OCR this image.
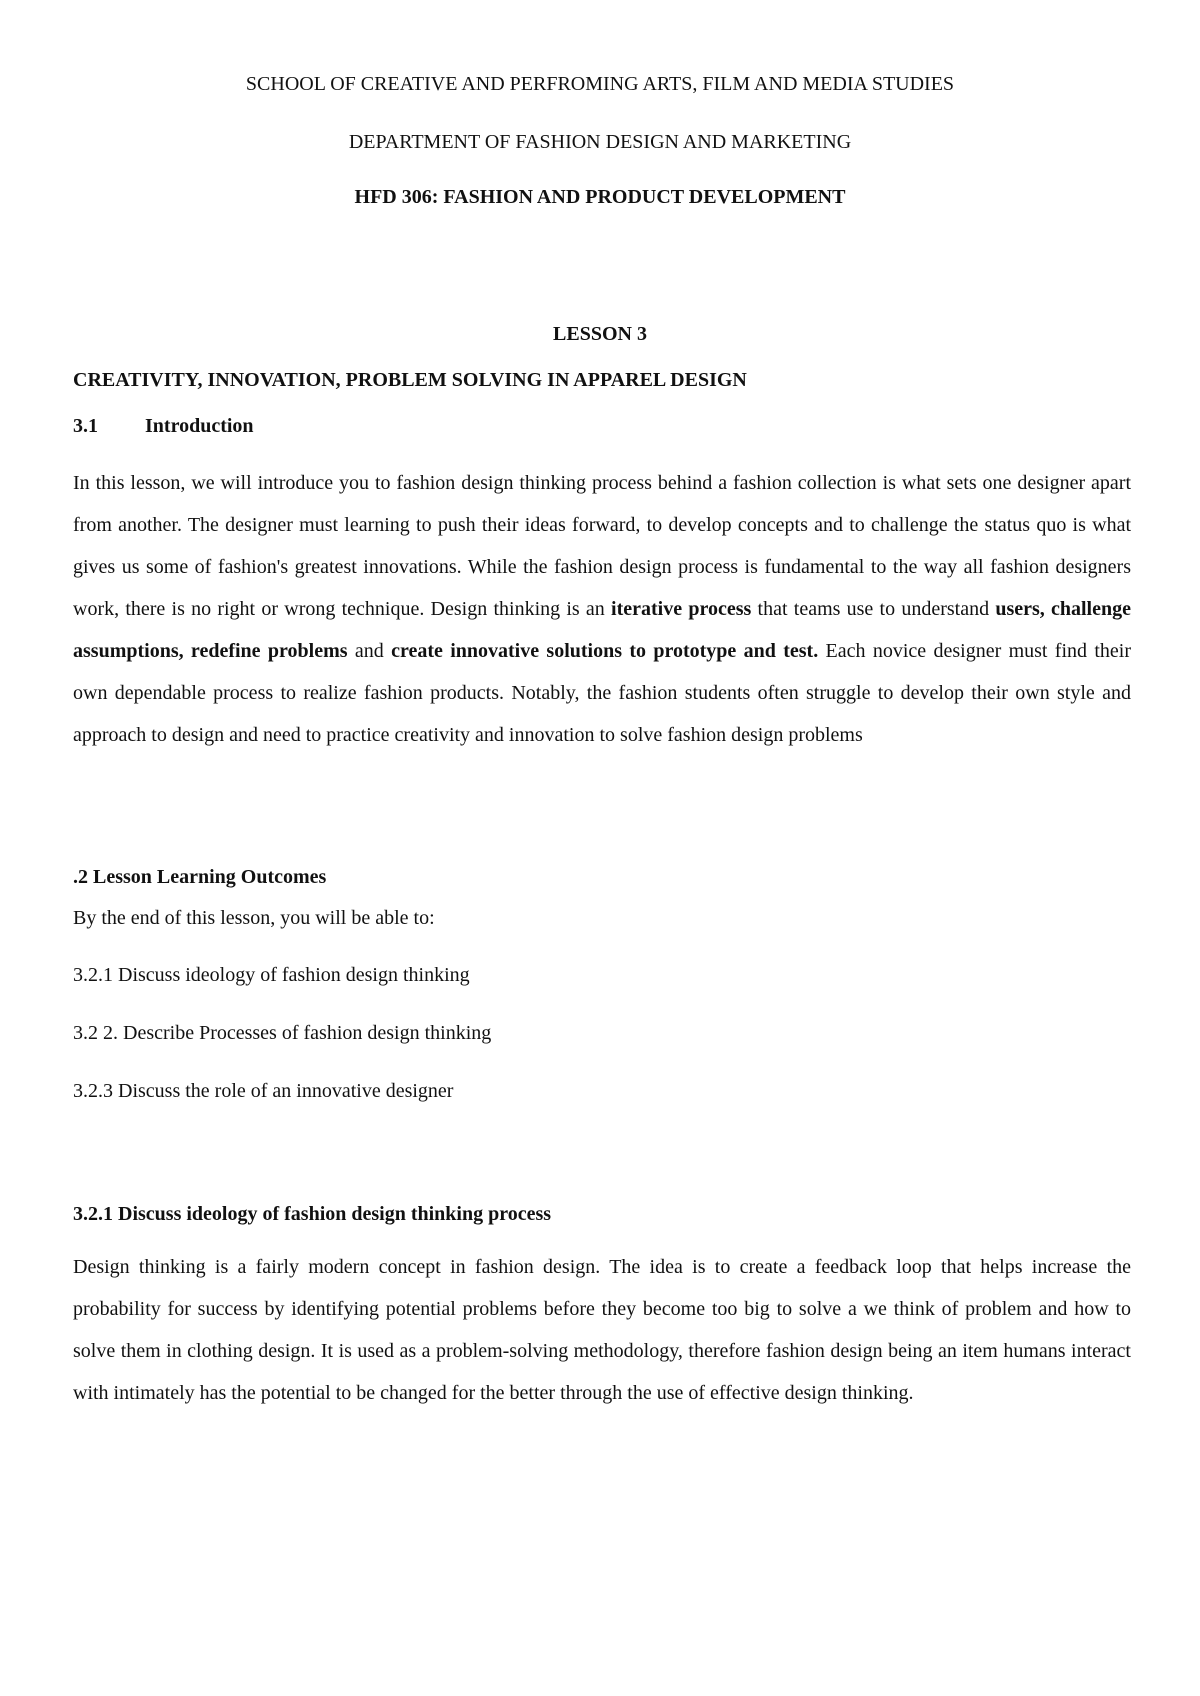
SCHOOL OF CREATIVE AND PERFROMING ARTS, FILM AND MEDIA STUDIES
DEPARTMENT OF FASHION DESIGN AND MARKETING
HFD 306: FASHION AND PRODUCT DEVELOPMENT
LESSON 3
CREATIVITY, INNOVATION, PROBLEM SOLVING IN APPAREL DESIGN
3.1 Introduction

In this lesson, we will introduce you to fashion design thinking process behind a fashion collection is what sets one designer apart from another. The designer must learning to push their ideas forward, to develop concepts and to challenge the status quo is what gives us some of fashion's greatest innovations. While the fashion design process is fundamental to the way all fashion designers work, there is no right or wrong technique. Design thinking is an iterative process that teams use to understand users, challenge assumptions, redefine problems and create innovative solutions to prototype and test. Each novice designer must find their own dependable process to realize fashion products. Notably, the fashion students often struggle to develop their own style and approach to design and need to practice creativity and innovation to solve fashion design problems

.2 Lesson Learning Outcomes
By the end of this lesson, you will be able to:
3.2.1 Discuss ideology of fashion design thinking
3.2 2. Describe Processes of fashion design thinking
3.2.3 Discuss the role of an innovative designer
3.2.1 Discuss ideology of fashion design thinking process

Design thinking is a fairly modern concept in fashion design. The idea is to create a feedback loop that helps increase the probability for success by identifying potential problems before they become too big to solve a we think of problem and how to solve them in clothing design. It is used as a problem-solving methodology, therefore fashion design being an item humans interact with intimately has the potential to be changed for the better through the use of effective design thinking.
